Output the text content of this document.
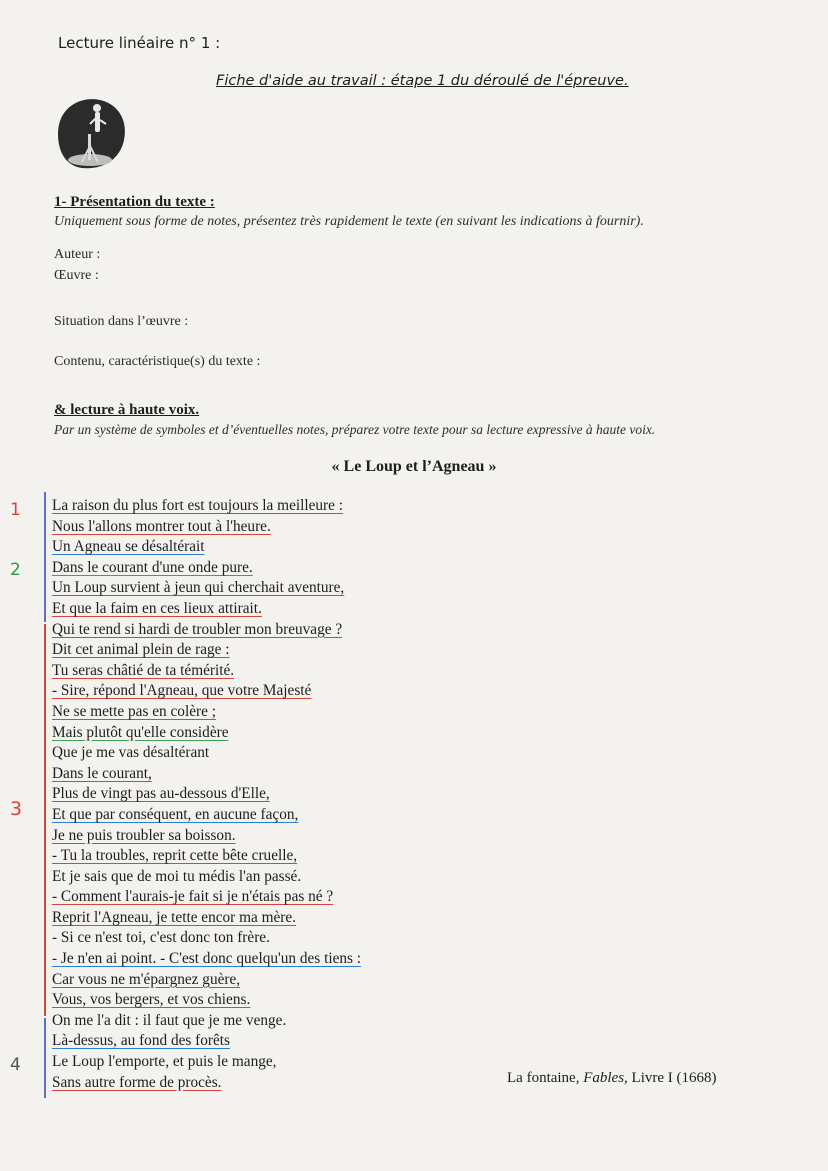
Lecture linéaire n° 1 :
Fiche d'aide au travail : étape 1 du déroulé de l'épreuve.
1- Présentation du texte :
Uniquement sous forme de notes, présentez très rapidement le texte (en suivant les indications à fournir).
Auteur :
Œuvre :
Situation dans l’œuvre :
Contenu, caractéristique(s) du texte :
& lecture à haute voix.
Par un système de symboles et d’éventuelles notes, préparez votre texte pour sa lecture expressive à haute voix.
« Le Loup et l’Agneau »
1
2
3
4
La raison du plus fort est toujours la meilleure :
Nous l'allons montrer tout à l'heure.
Un Agneau se désaltérait
Dans le courant d'une onde pure.
Un Loup survient à jeun qui cherchait aventure,
Et que la faim en ces lieux attirait.
Qui te rend si hardi de troubler mon breuvage ?
Dit cet animal plein de rage :
Tu seras châtié de ta témérité.
- Sire, répond l'Agneau, que votre Majesté
Ne se mette pas en colère ;
Mais plutôt qu'elle considère
Que je me vas désaltérant
Dans le courant,
Plus de vingt pas au-dessous d'Elle,
Et que par conséquent, en aucune façon,
Je ne puis troubler sa boisson.
- Tu la troubles, reprit cette bête cruelle,
Et je sais que de moi tu médis l'an passé.
- Comment l'aurais-je fait si je n'étais pas né ?
Reprit l'Agneau, je tette encor ma mère.
- Si ce n'est toi, c'est donc ton frère.
- Je n'en ai point. - C'est donc quelqu'un des tiens :
Car vous ne m'épargnez guère,
Vous, vos bergers, et vos chiens.
On me l'a dit : il faut que je me venge.
Là-dessus, au fond des forêts
Le Loup l'emporte, et puis le mange,
Sans autre forme de procès.	La fontaine, Fables, Livre I (1668)
